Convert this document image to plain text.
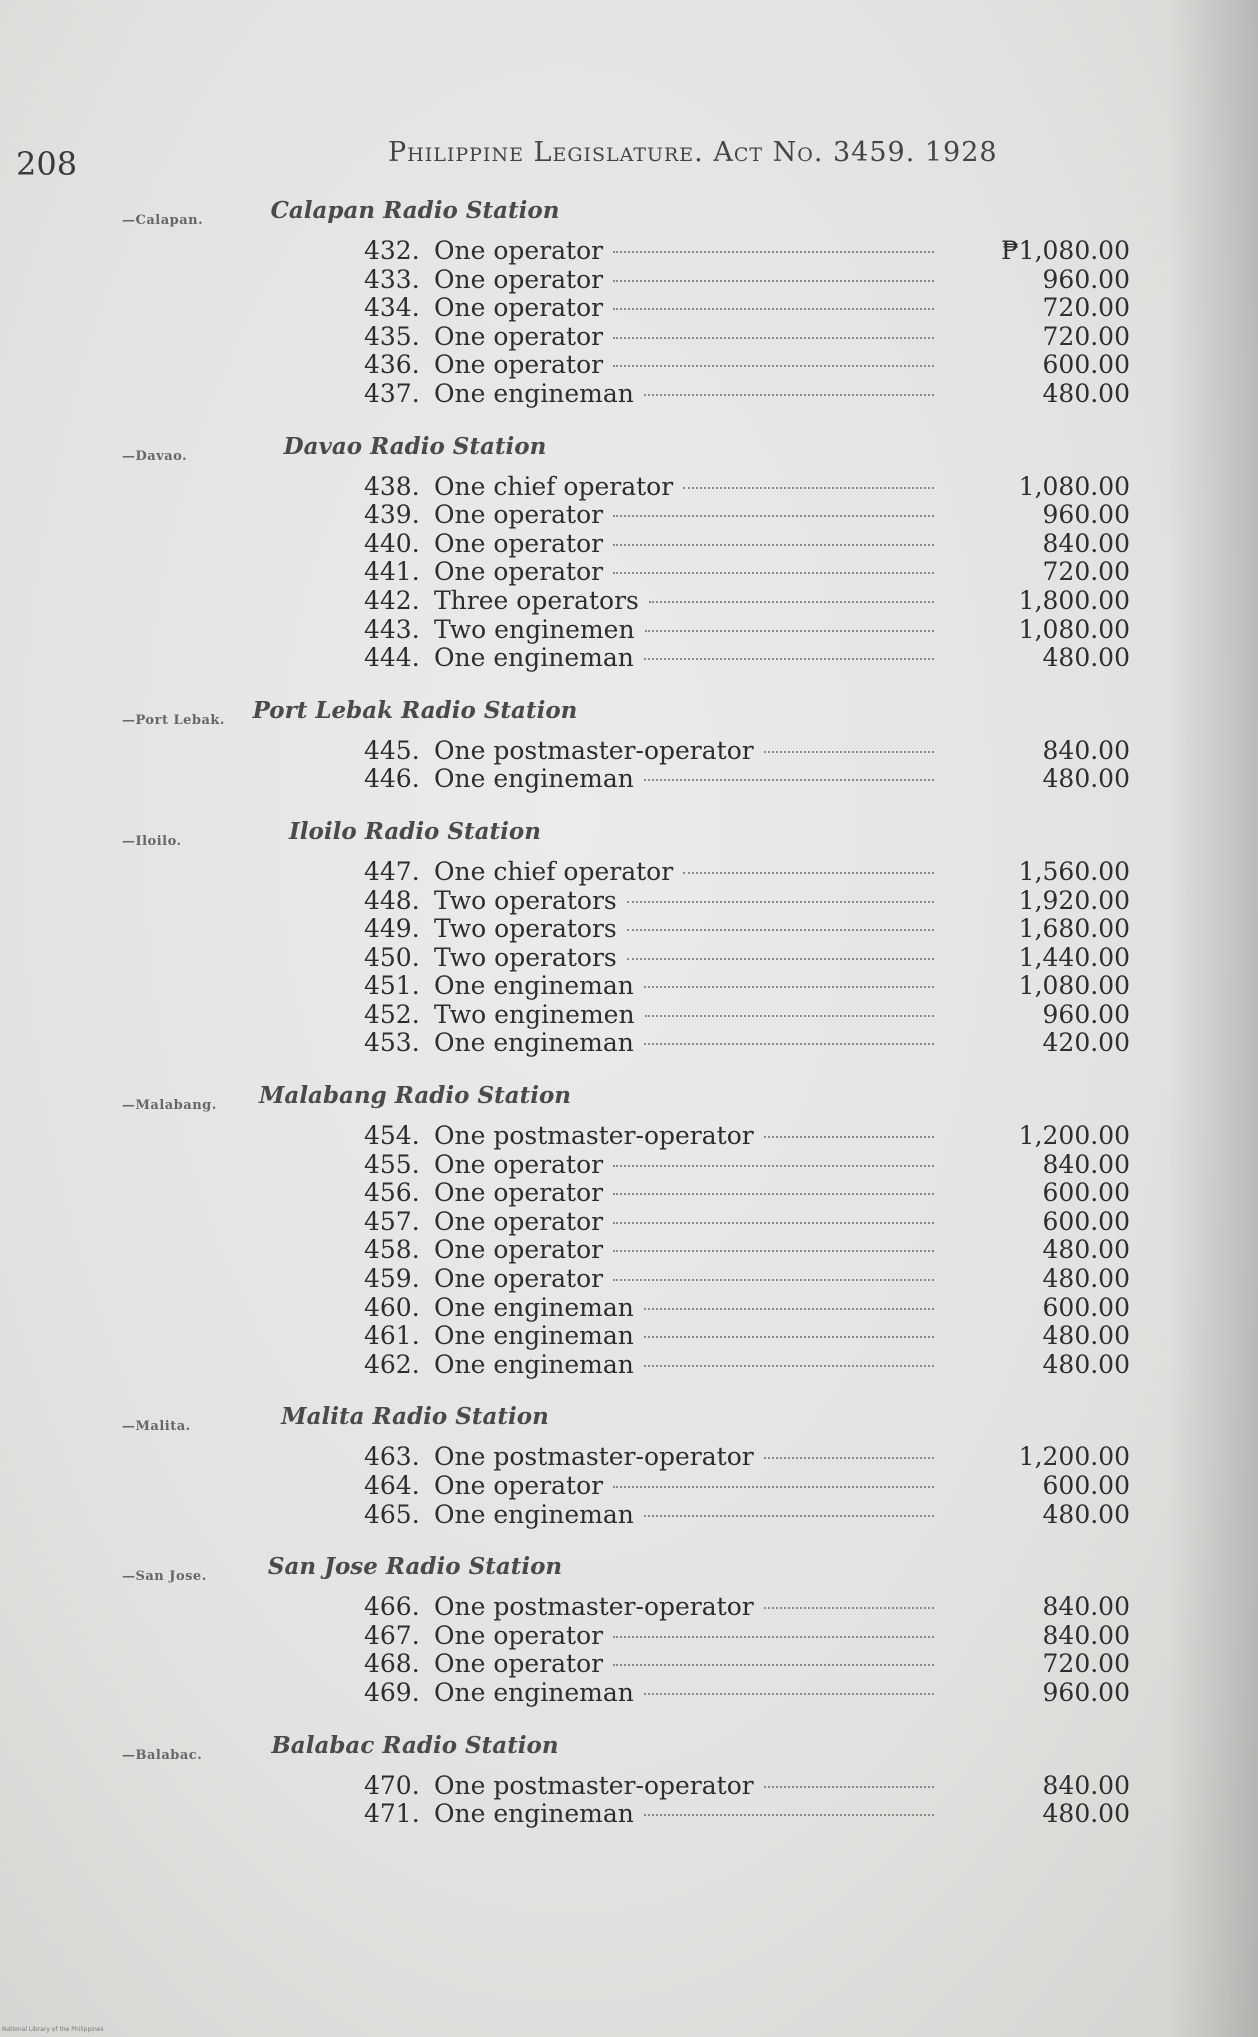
208	Philippine Legislature. Act No. 3459. 1928
—Calapan.	Calapan Radio Station
432. One operator	₱1,080.00
433. One operator	960.00
434. One operator	720.00
435. One operator	720.00
436. One operator	600.00
437. One engineman	480.00
—Davao.	Davao Radio Station
438. One chief operator	1,080.00
439. One operator	960.00
440. One operator	840.00
441. One operator	720.00
442. Three operators	1,800.00
443. Two enginemen	1,080.00
444. One engineman	480.00
—Port Lebak.	Port Lebak Radio Station
445. One postmaster-operator	840.00
446. One engineman	480.00
—Iloilo.	Iloilo Radio Station
447. One chief operator	1,560.00
448. Two operators	1,920.00
449. Two operators	1,680.00
450. Two operators	1,440.00
451. One engineman	1,080.00
452. Two enginemen	960.00
453. One engineman	420.00
—Malabang.	Malabang Radio Station
454. One postmaster-operator	1,200.00
455. One operator	840.00
456. One operator	600.00
457. One operator	600.00
458. One operator	480.00
459. One operator	480.00
460. One engineman	600.00
461. One engineman	480.00
462. One engineman	480.00
—Malita.	Malita Radio Station
463. One postmaster-operator	1,200.00
464. One operator	600.00
465. One engineman	480.00
—San Jose.	San Jose Radio Station
466. One postmaster-operator	840.00
467. One operator	840.00
468. One operator	720.00
469. One engineman	960.00
—Balabac.	Balabac Radio Station
470. One postmaster-operator	840.00
471. One engineman	480.00
National Library of the Philippines
